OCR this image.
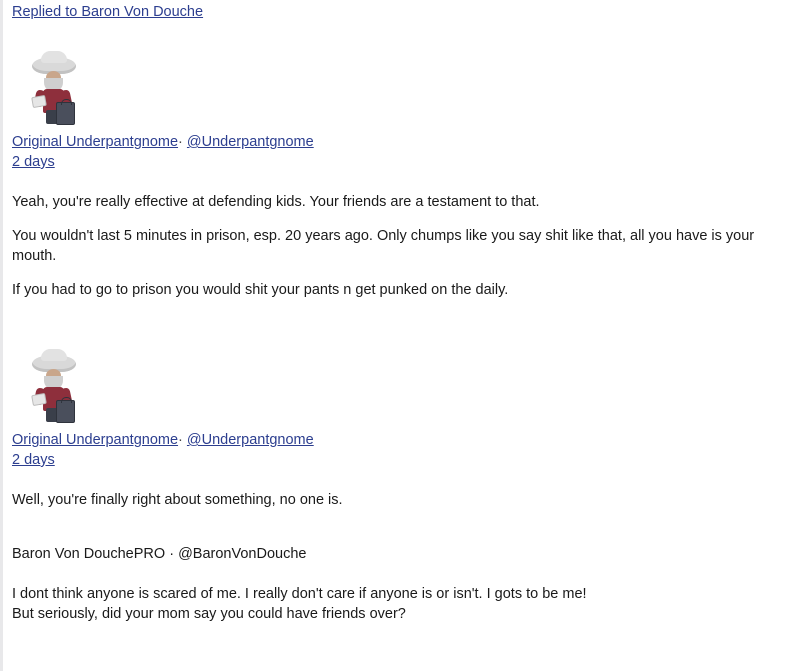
Replied to Baron Von Douche
Original Underpantgnome· @Underpantgnome
2 days

Yeah, you're really effective at defending kids. Your friends are a testament to that.

You wouldn't last 5 minutes in prison, esp. 20 years ago. Only chumps like you say shit like that, all you have is your mouth.

If you had to go to prison you would shit your pants n get punked on the daily.

Original Underpantgnome· @Underpantgnome
2 days

Well, you're finally right about something, no one is.

Baron Von DouchePRO · @BaronVonDouche

I dont think anyone is scared of me. I really don't care if anyone is or isn't. I gots to be me!

But seriously, did your mom say you could have friends over?
